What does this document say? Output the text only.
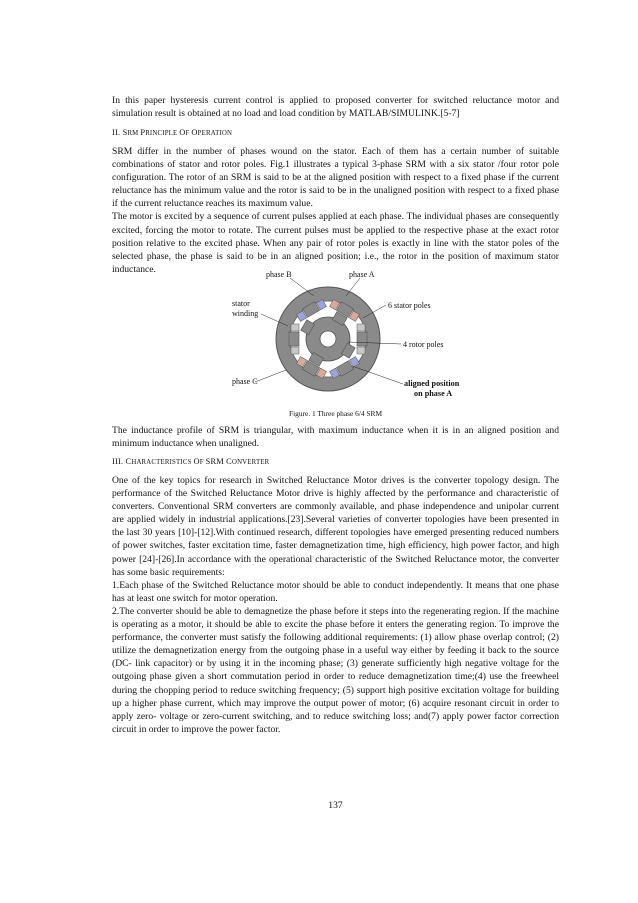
In this paper hysteresis current control is applied to proposed converter for switched reluctance motor and simulation result is obtained at no load and load condition by MATLAB/SIMULINK.[5-7]

II. SRM PRINCIPLE OF OPERATION

SRM differ in the number of phases wound on the stator. Each of them has a certain number of suitable combinations of stator and rotor poles. Fig.1 illustrates a typical 3-phase SRM with a six stator /four rotor pole configuration. The rotor of an SRM is said to be at the aligned position with respect to a fixed phase if the current reluctance has the minimum value and the rotor is said to be in the unaligned position with respect to a fixed phase if the current reluctance reaches its maximum value.

The motor is excited by a sequence of current pulses applied at each phase. The individual phases are consequently excited, forcing the motor to rotate. The current pulses must be applied to the respective phase at the exact rotor position relative to the excited phase. When any pair of rotor poles is exactly in line with the stator poles of the selected phase, the phase is said to be in an aligned position; i.e., the rotor in the position of maximum stator inductance.	phase B	phase A
stator
winding
6 stator poles
4 rotor poles
phase C	aligned position
on phase A
Figure. 1 Three phase 6/4 SRM

The inductance profile of SRM is triangular, with maximum inductance when it is in an aligned position and minimum inductance when unaligned.

III. CHARACTERISTICS OF SRM CONVERTER

One of the key topics for research in Switched Reluctance Motor drives is the converter topology design. The performance of the Switched Reluctance Motor drive is highly affected by the performance and characteristic of converters. Conventional SRM converters are commonly available, and phase independence and unipolar current are applied widely in industrial applications.[23].Several varieties of converter topologies have been presented in the last 30 years [10]-[12].With continued research, different topologies have emerged presenting reduced numbers of power switches, faster excitation time, faster demagnetization time, high efficiency, high power factor, and high power [24]-[26].In accordance with the operational characteristic of the Switched Reluctance motor, the converter has some basic requirements:

1.Each phase of the Switched Reluctance motor should be able to conduct independently. It means that one phase has at least one switch for motor operation.

2.The converter should be able to demagnetize the phase before it steps into the regenerating region. If the machine is operating as a motor, it should be able to excite the phase before it enters the generating region. To improve the performance, the converter must satisfy the following additional requirements: (1) allow phase overlap control; (2) utilize the demagnetization energy from the outgoing phase in a useful way either by feeding it back to the source (DC- link capacitor) or by using it in the incoming phase; (3) generate sufficiently high negative voltage for the outgoing phase given a short commutation period in order to reduce demagnetization time;(4) use the freewheel during the chopping period to reduce switching frequency; (5) support high positive excitation voltage for building up a higher phase current, which may improve the output power of motor; (6) acquire resonant circuit in order to apply zero- voltage or zero-current switching, and to reduce switching loss; and(7) apply power factor correction circuit in order to improve the power factor.

137
